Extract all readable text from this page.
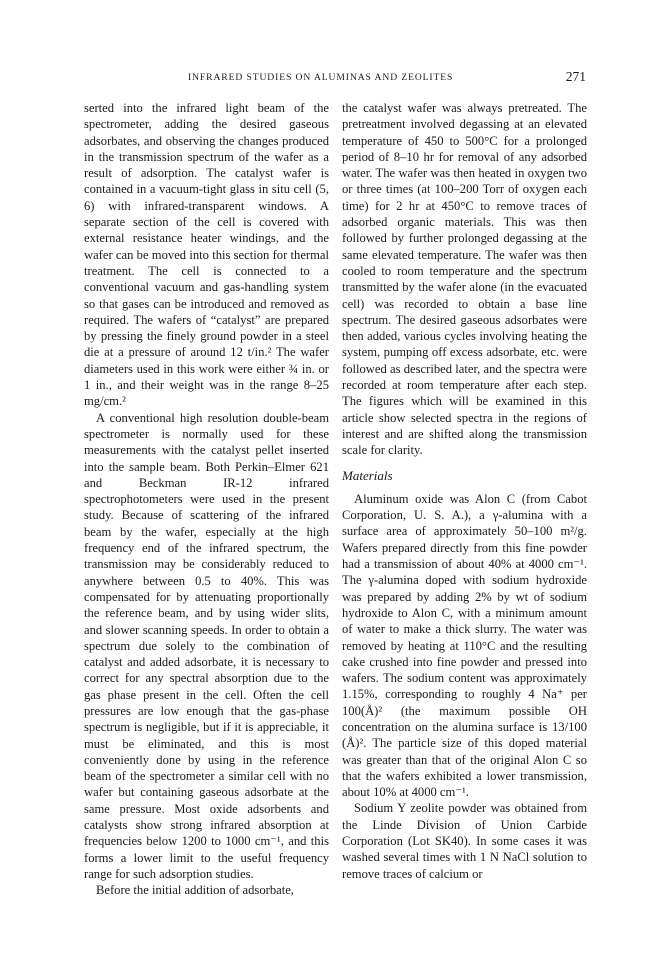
INFRARED STUDIES ON ALUMINAS AND ZEOLITES	271

serted into the infrared light beam of the spectrometer, adding the desired gaseous adsorbates, and observing the changes produced in the transmission spectrum of the wafer as a result of adsorption. The catalyst wafer is contained in a vacuum-tight glass in situ cell (5, 6) with infrared-transparent windows. A separate section of the cell is covered with external resistance heater windings, and the wafer can be moved into this section for thermal treatment. The cell is connected to a conventional vacuum and gas-handling system so that gases can be introduced and removed as required. The wafers of “catalyst” are prepared by pressing the finely ground powder in a steel die at a pressure of around 12 t/in.² The wafer diameters used in this work were either ¾ in. or 1 in., and their weight was in the range 8–25 mg/cm.²

A conventional high resolution double-beam spectrometer is normally used for these measurements with the catalyst pellet inserted into the sample beam. Both Perkin–Elmer 621 and Beckman IR-12 infrared spectrophotometers were used in the present study. Because of scattering of the infrared beam by the wafer, especially at the high frequency end of the infrared spectrum, the transmission may be considerably reduced to anywhere between 0.5 to 40%. This was compensated for by attenuating proportionally the reference beam, and by using wider slits, and slower scanning speeds. In order to obtain a spectrum due solely to the combination of catalyst and added adsorbate, it is necessary to correct for any spectral absorption due to the gas phase present in the cell. Often the cell pressures are low enough that the gas-phase spectrum is negligible, but if it is appreciable, it must be eliminated, and this is most conveniently done by using in the reference beam of the spectrometer a similar cell with no wafer but containing gaseous adsorbate at the same pressure. Most oxide adsorbents and catalysts show strong infrared absorption at frequencies below 1200 to 1000 cm⁻¹, and this forms a lower limit to the useful frequency range for such adsorption studies.

Before the initial addition of adsorbate,

the catalyst wafer was always pretreated. The pretreatment involved degassing at an elevated temperature of 450 to 500°C for a prolonged period of 8–10 hr for removal of any adsorbed water. The wafer was then heated in oxygen two or three times (at 100–200 Torr of oxygen each time) for 2 hr at 450°C to remove traces of adsorbed organic materials. This was then followed by further prolonged degassing at the same elevated temperature. The wafer was then cooled to room temperature and the spectrum transmitted by the wafer alone (in the evacuated cell) was recorded to obtain a base line spectrum. The desired gaseous adsorbates were then added, various cycles involving heating the system, pumping off excess adsorbate, etc. were followed as described later, and the spectra were recorded at room temperature after each step. The figures which will be examined in this article show selected spectra in the regions of interest and are shifted along the transmission scale for clarity.

Materials

Aluminum oxide was Alon C (from Cabot Corporation, U. S. A.), a γ-alumina with a surface area of approximately 50–100 m²/g. Wafers prepared directly from this fine powder had a transmission of about 40% at 4000 cm⁻¹. The γ-alumina doped with sodium hydroxide was prepared by adding 2% by wt of sodium hydroxide to Alon C, with a minimum amount of water to make a thick slurry. The water was removed by heating at 110°C and the resulting cake crushed into fine powder and pressed into wafers. The sodium content was approximately 1.15%, corresponding to roughly 4 Na⁺ per 100(Å)² (the maximum possible OH concentration on the alumina surface is 13/100 (Å)². The particle size of this doped material was greater than that of the original Alon C so that the wafers exhibited a lower transmission, about 10% at 4000 cm⁻¹.

Sodium Y zeolite powder was obtained from the Linde Division of Union Carbide Corporation (Lot SK40). In some cases it was washed several times with 1 N NaCl solution to remove traces of calcium or
